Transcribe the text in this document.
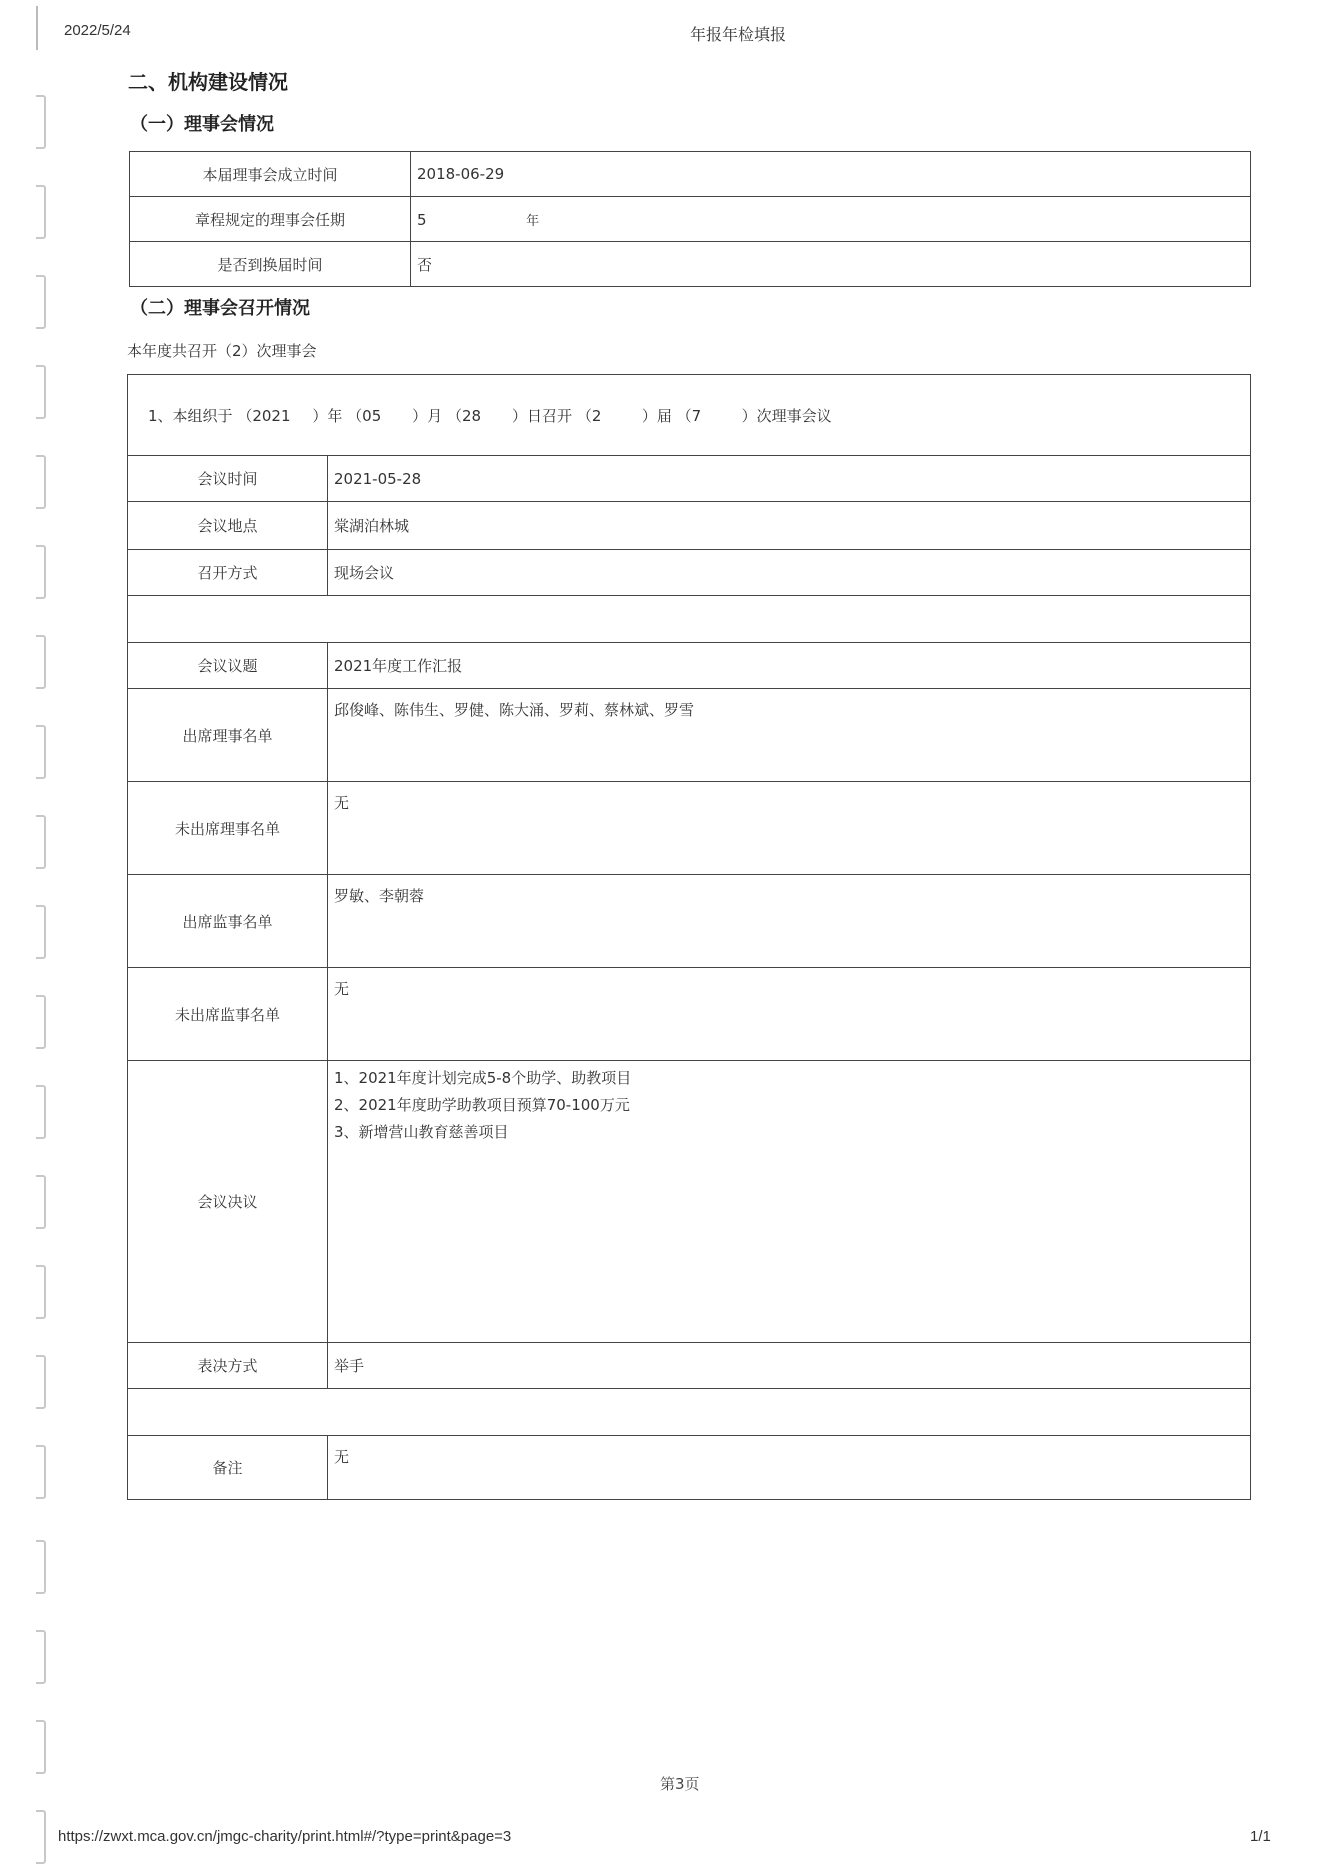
2022/5/24	年报年检填报
二、机构建设情况
（一）理事会情况
本届理事会成立时间	2018-06-29
章程规定的理事会任期	5 年
是否到换届时间	否
（二）理事会召开情况
本年度共召开（2）次理事会
1、本组织于 （2021 ）年 （05 ）月 （28 ）日召开 （2 ）届 （7 ）次理事会议	
会议时间	2021-05-28
会议地点	棠湖泊林城
召开方式	现场会议

会议议题	2021年度工作汇报
出席理事名单	邱俊峰、陈伟生、罗健、陈大涌、罗莉、蔡林斌、罗雪
未出席理事名单	无
出席监事名单	罗敏、李朝蓉
未出席监事名单	无
会议决议	1、2021年度计划完成5-8个助学、助教项目
2、2021年度助学助教项目预算70-100万元
3、新增营山教育慈善项目

表决方式	举手

备注	无
第3页
https://zwxt.mca.gov.cn/jmgc-charity/print.html#/?type=print&page=3	1/1
